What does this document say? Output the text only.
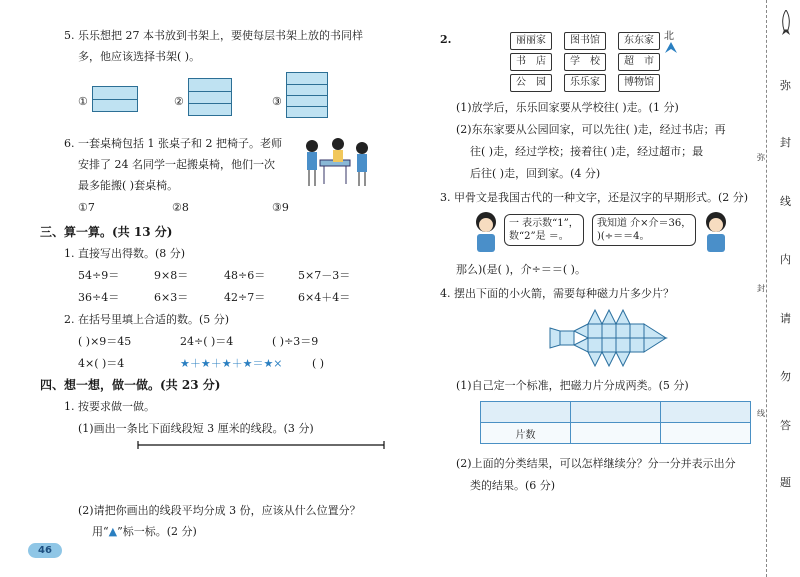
5. 乐乐想把 27 本书放到书架上，要使每层书架上放的书同样
多，他应该选择书架( )。
①	②	③
6. 一套桌椅包括 1 张桌子和 2 把椅子。老师
安排了 24 名同学一起搬桌椅，他们一次
最多能搬( )套桌椅。
①7	②8	③9
三、算一算。(共 13 分)
1. 直接写出得数。(8 分)
54÷9＝	9×8＝	48÷6＝	5×7－3＝
36÷4＝	6×3＝	42÷7＝	6×4＋4＝
2. 在括号里填上合适的数。(5 分)
( )×9＝45	24÷( )＝4	( )÷3＝9
4×( )＝4	★＋★＋★＋★＝★×	( )
四、想一想，做一做。(共 23 分)
1. 按要求做一做。
(1)画出一条比下面线段短 3 厘米的线段。(3 分)
(2)请把你画出的线段平均分成 3 份，应该从什么位置分？
用“▲”标一标。(2 分)
46
2.	丽丽家	图书馆	东东家
书　店	学　校	超　市
公　园	乐乐家	博物馆
北
(1)放学后，乐乐回家要从学校往( )走。(1 分)
(2)东东家要从公园回家，可以先往( )走，经过书店；再
往( )走，经过学校；接着往( )走，经过超市；最
后往( )走，回到家。(4 分)
3. 甲骨文是我国古代的一种文字，还是汉字的早期形式。(2 分)
一 表示数“1”，
数“2”是 ＝。
我知道 介×介＝36，
)(÷＝＝4。
那么)(是( )，介÷＝＝( )。
4. 摆出下面的小火箭，需要每种磁力片多少片？
(1)自己定一个标准，把磁力片分成两类。(5 分)

片数		
(2)上面的分类结果，可以怎样继续分？分一分并表示出分
类的结果。(6 分)
弥
封
线
内
请
勿
答
题
弥
封
线
